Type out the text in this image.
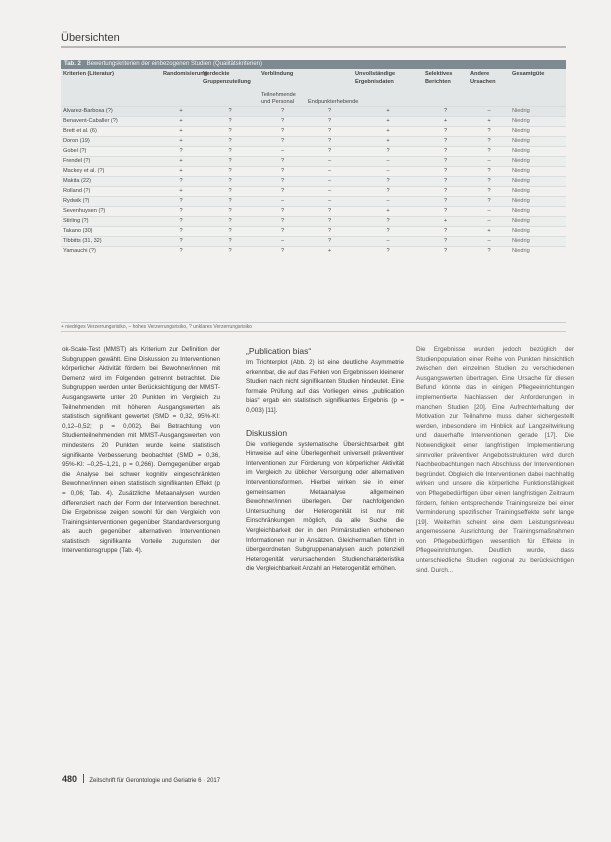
Übersichten
Tab. 2 Bewertungskriterien der einbezogenen Studien (Qualitätskriterien)
Kriterien (Literatur)	Randomisierung	Verdeckte Gruppenzuteilung	Verblindung		Unvollständige Ergebnisdaten	Selektives Berichten	Andere Ursachen	Gesamtgüte
			Teilnehmende und Personal	Endpunkterhebende				
Alvarez-Barbosa (?)	+	?	?	?	+	?	–	Niedrig
Benavent-Caballer (?)	+	?	?	?	+	+	+	Niedrig
Brett et al. (6)	+	?	?	?	+	?	?	Niedrig
Doron (19)	+	?	?	?	+	?	?	Niedrig
Gobel (?)	?	?	–	?	?	?	?	Niedrig
Frendel (?)	+	?	?	–	–	?	–	Niedrig
Mackey et al. (?)	+	?	?	–	–	?	?	Niedrig
Makita (22)	?	?	?	–	?	?	?	Niedrig
Rolland (?)	+	?	?	–	?	?	?	Niedrig
Rydwik (?)	?	?	–	–	–	?	?	Niedrig
Sevenhuysen (?)	?	?	?	?	+	?	–	Niedrig
Stirling (?)	?	?	?	?	?	+	–	Niedrig
Takano (30)	?	?	?	?	?	?	+	Niedrig
Tibbitts (31, 32)	?	?	–	?	–	?	–	Niedrig
Yamauchi (?)	?	?	?	+	?	?	?	Niedrig
+ niedriges Verzerrungsrisiko, – hohes Verzerrungsrisiko, ? unklares Verzerrungsrisiko

ok-Scale-Test (MMST) als Kriterium zur Definition der Subgruppen gewählt. Eine Diskussion zu Interventionen körperlicher Aktivität fördern bei Bewohner/innen mit Demenz wird im Folgenden getrennt betrachtet. Die Subgruppen werden unter Berücksichtigung der MMST-Ausgangswerte unter 20 Punkten im Vergleich zu Teilnehmenden mit höheren Ausgangswerten als statistisch signifikant gewertet (SMD = 0,32, 95%-KI: 0,12–0,52; p = 0,002). Bei Betrachtung von Studienteilnehmenden mit MMST-Ausgangswerten von mindestens 20 Punkten wurde keine statistisch signifikante Verbesserung beobachtet (SMD = 0,36, 95%-KI: –0,25–1,21, p = 0,266). Demgegenüber ergab die Analyse bei schwer kognitiv eingeschränkten Bewohner/innen einen statistisch signifikanten Effekt (p = 0,06; Tab. 4). Zusätzliche Metaanalysen wurden differenziert nach der Form der Intervention berechnet. Die Ergebnisse zeigen sowohl für den Vergleich von Trainingsinterventionen gegenüber Standardversorgung als auch gegenüber alternativen Interventionen statistisch signifikante Vorteile zugunsten der Interventionsgruppe (Tab. 4).

„Publication bias“

Im Trichterplot (Abb. 2) ist eine deutliche Asymmetrie erkennbar, die auf das Fehlen von Ergebnissen kleinerer Studien nach nicht signifikanten Studien hindeutet. Eine formale Prüfung auf das Vorliegen eines „publication bias“ ergab ein statistisch signifikantes Ergebnis (p = 0,003) [11].

Diskussion

Die vorliegende systematische Übersichtsarbeit gibt Hinweise auf eine Überlegenheit universell präventiver Interventionen zur Förderung von körperlicher Aktivität im Vergleich zu üblicher Versorgung oder alternativen Interventionsformen. Hierbei wirken sie in einer gemeinsamen Metaanalyse allgemeinen Bewohner/innen überlegen. Der nachfolgenden Untersuchung der Heterogenität ist nur mit Einschränkungen möglich, da alle Suche die Vergleichbarkeit der in den Primärstudien erhobenen Informationen nur in Ansätzen. Gleichermaßen führt in übergeordneten Subgruppenanalysen auch potenziell Heterogenität verursachenden Studiencharakteristika die Vergleichbarkeit Anzahl an Heterogenität erhöhen.

Die Ergebnisse wurden jedoch bezüglich der Studienpopulation einer Reihe von Punkten hinsichtlich zwischen den einzelnen Studien zu verschiedenen Ausgangswerten übertragen. Eine Ursache für diesen Befund könnte das in einigen Pflegeeinrichtungen implementierte Nachlassen der Anforderungen in manchen Studien [20]. Eine Aufrechterhaltung der Motivation zur Teilnahme muss daher sichergestellt werden, inbesondere im Hinblick auf Langzeitwirkung und dauerhafte Interventionen gerade [17]. Die Notwendigkeit einer langfristigen Implementierung sinnvoller präventiver Angebotsstrukturen wird durch Nachbeobachtungen nach Abschluss der Interventionen begründet. Obgleich die Interventionen dabei nachhaltig wirken und unsere die körperliche Funktionsfähigkeit von Pflegebedürftigen über einen langfristigen Zeitraum fördern, fehlen entsprechende Trainingsreize bei einer Verminderung spezifischer Trainingseffekte sehr lange [19]. Weiterhin scheint eine dem Leistungsniveau angemessene Ausrichtung der Trainingsmaßnahmen von Pflegebedürftigen wesentlich für Effekte in Pflegeeinrichtungen. Deutlich wurde, dass unterschiedliche Studien regional zu berücksichtigen sind. Durch...

480 Zeitschrift für Gerontologie und Geriatrie 6 · 2017
